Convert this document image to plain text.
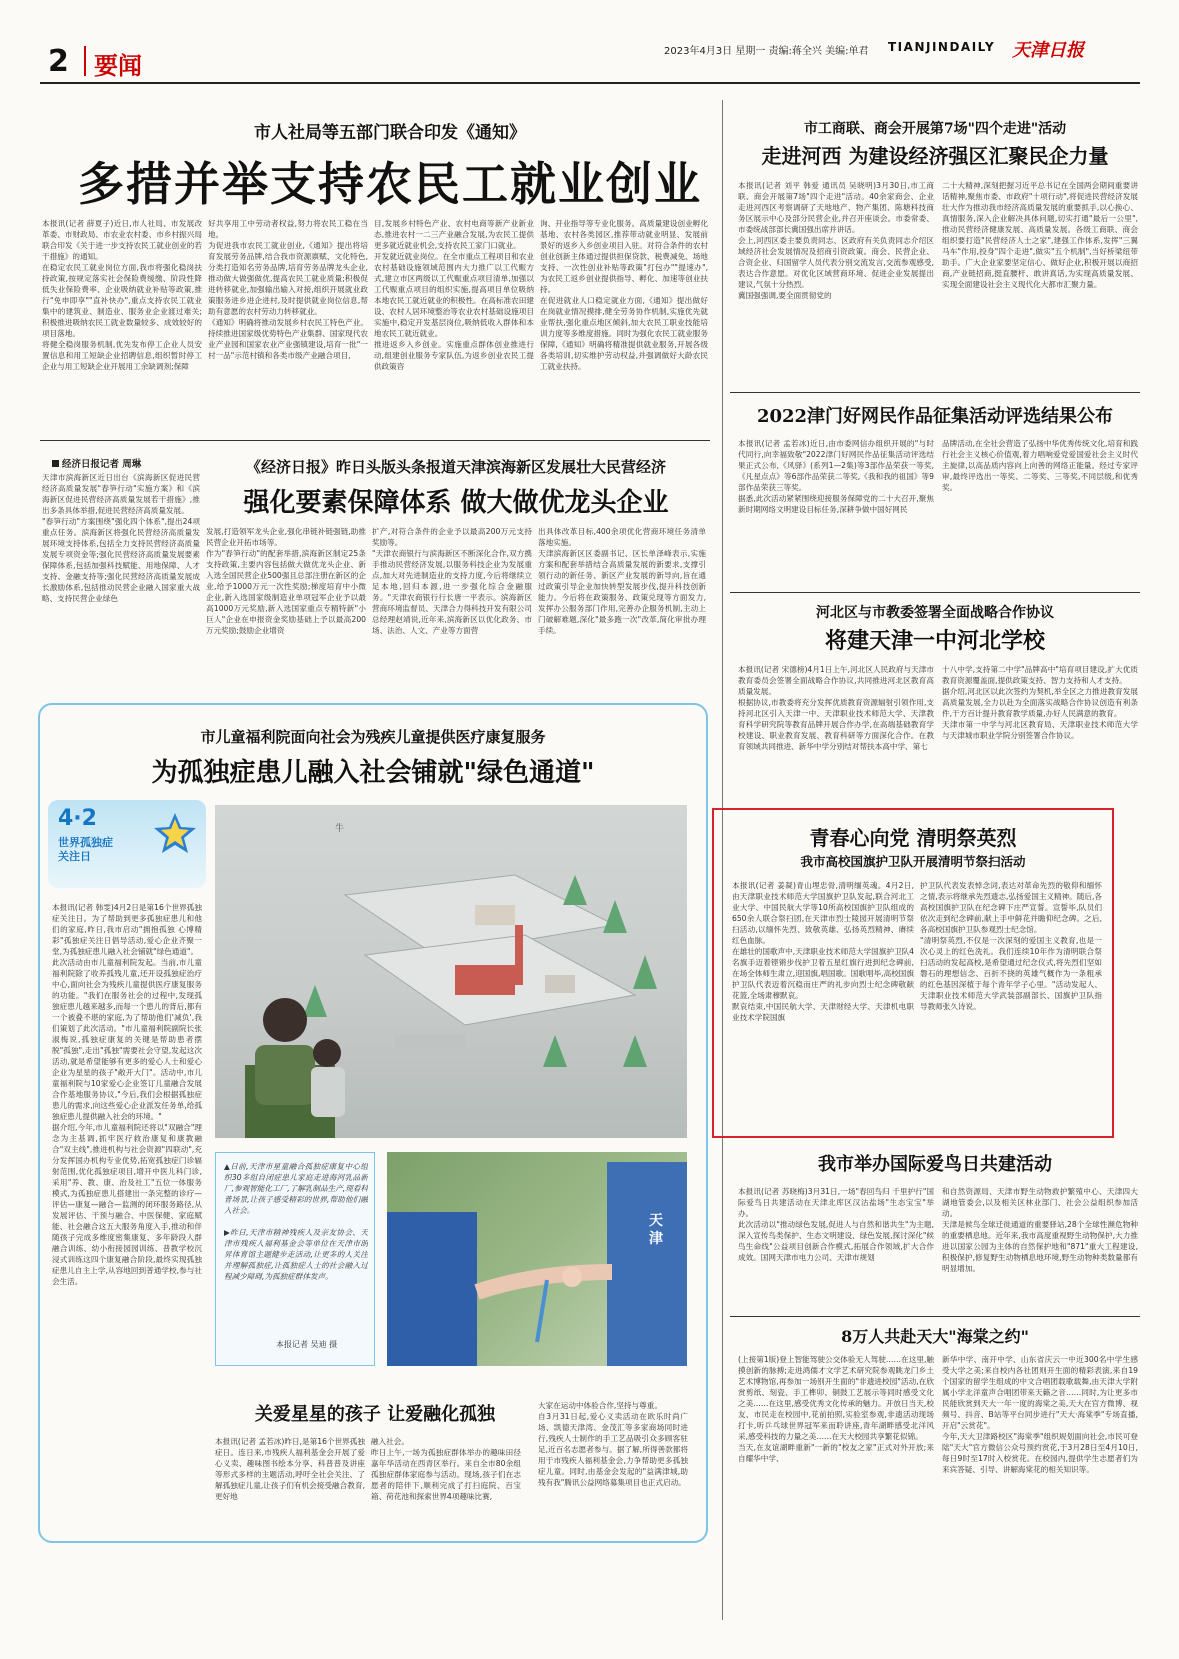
2 要闻
2023年4月3日 星期一 责编:蒋全兴 美编:单君 TIANJINDAILY 天津日报
市人社局等五部门联合印发《通知》
多措并举支持农民工就业创业
本报讯(记者 薛夏子)近日,市人社局、市发展改革委、市财政局、市农业农村委、市乡村振兴局联合印发《关于进一步支持农民工就业创业的若干措施》的通知。
在稳定农民工就业岗位方面,我市将强化稳岗扶持政策,按规定落实社会保险费缓缴、阶段性降低失业保险费率、企业吸纳就业补贴等政策,推行"免申即享""直补快办",重点支持农民工就业集中的建筑业、制造业、服务业企业渡过难关;积极推进吸纳农民工就业数量较多、成效较好的项目落地。
将健全稳岗服务机制,优先发布停工企业人员安置信息和用工短缺企业招聘信息,组织暂时停工企业与用工短缺企业开展用工余缺调剂;保障
好共享用工中劳动者权益,努力将农民工稳在当地。
为促进我市农民工就业创业,《通知》提出将培育发展劳务品牌,结合我市资源禀赋、文化特色,分类打造知名劳务品牌,培育劳务品牌龙头企业,推动做大做强做优,提高农民工就业质量;积极促进转移就业,加强输出输入对接,组织开展就业政策服务进乡进企进村,及时提供就业岗位信息,帮助有意愿的农村劳动力转移就业。
《通知》明确将推动发展乡村农民工特色产业。持续推进国家级优势特色产业集群、国家现代农业产业园和国家农业产业强镇建设,培育一批"一村一品"示范村镇和各类市级产业融合项目,
目,发展乡村特色产业、农村电商等新产业新业态,推进农村一二三产业融合发展,为农民工提供更多就近就业机会,支持农民工家门口就业。
开发就近就业岗位。在全市重点工程项目和农业农村基础设施领域范围内大力推广以工代赈方式,建立市区两级以工代赈重点项目清单,加强以工代赈重点项目的组织实施,提高项目单位吸纳本地农民工就近就业的积极性。在高标准农田建设、农村人居环境整治等农业农村基础设施项目实施中,稳定开发基层岗位,吸纳低收入群体和本地农民工就近就业。
推进返乡入乡创业。实施重点群体创业推进行动,组建创业服务专家队伍,为返乡创业农民工提供政策咨
询、开业指导等专业化服务。高质量建设创业孵化基地、农村各类园区,推荐带动就业明显、发展前景好的返乡入乡创业项目入驻。对符合条件的农村创业创新主体通过提供担保贷款、税费减免、场地支持、一次性创业补贴等政策"打包办""提速办",为农民工返乡创业提供指导、孵化、加速等创业扶持。
在促进就业人口稳定就业方面,《通知》提出做好在岗就业情况摸排,健全劳务协作机制,实施优先就业帮扶,强化重点地区倾斜,加大农民工职业技能培训力度等多维度措施。同时为强化农民工就业服务保障,《通知》明确将精准提供就业服务,开展各级各类培训,切实维护劳动权益,并强调做好大龄农民工就业扶持。
经济日报记者 周琳
天津市滨海新区近日出台《滨海新区促进民营经济高质量发展"春笋行动"实施方案》和《滨海新区促进民营经济高质量发展若干措施》,推出多条具体举措,促进民营经济高质量发展。
"春笋行动"方案围绕"强化四个体系",提出24项重点任务。滨海新区将强化民营经济高质量发展环境支持体系,包括全力支持民营经济高质量发展专项资金等;强化民营经济高质量发展要素保障体系,包括加强科技赋能、用地保障、人才支持、金融支持等;强化民营经济高质量发展成长激励体系,包括推动民营企业融入国家重大战略、支持民营企业绿色
《经济日报》昨日头版头条报道天津滨海新区发展壮大民营经济
强化要素保障体系 做大做优龙头企业
发展,打造领军龙头企业,强化串链补链强链,助推民营企业开拓市场等。
作为"春笋行动"的配套举措,滨海新区制定25条支持政策,主要内容包括做大做优龙头企业、新入选全国民营企业500强且总部注册在新区的企业,给予1000万元一次性奖励;梯度培育中小微企业,新入选国家级制造业单项冠军企业予以最高1000万元奖励,新入选国家重点专精特新"小巨人"企业在申报资金奖励基础上予以最高200万元奖励;鼓励企业增资
扩产,对符合条件的企业予以最高200万元支持奖励等。
"天津农商银行与滨海新区不断深化合作,双方携手推动民营经济发展,以服务科技企业为发展重点,加大对先进制造业的支持力度,今后将继续立足本地,回归本源,进一步强化综合金融服务。"天津农商银行行长唐一平表示。滨海新区营商环境监督员、天津合力得科技开发有限公司总经理赵靖说,近年来,滨海新区以优化政务、市场、法治、人文、产业等方面营
出具体改革目标,400余项优化营商环境任务清单落地实施。
天津滨海新区区委副书记、区长单泽峰表示,实施方案和配套举措结合高质量发展的新要求,支撑引领行动的新任务、新区产业发展的新导向,旨在通过政策引导企业加快转型发展步伐,提升科技创新能力。今后将在政策服务、政策兑现等方面发力,发挥办公服务部门作用,完善办企服务机制,主动上门破解难题,深化"最多跑一次"改革,简化审批办理手续。
市儿童福利院面向社会为残疾儿童提供医疗康复服务
为孤独症患儿融入社会铺就"绿色通道"
4·2
世界孤独症
关注日
本报讯(记者 韩雯)4月2日是第16个世界孤独症关注日。为了帮助到更多孤独症患儿和他们的家庭,昨日,我市启动"拥抱孤独 心博精彩"孤独症关注日倡导活动,爱心企业齐聚一堂,为孤独症患儿融入社会铺就"绿色通道"。
此次活动由市儿童福利院发起。当前,市儿童福利院除了收养孤残儿童,还开设孤独症治疗中心,面向社会为残疾儿童提供医疗康复服务的功能。"我们在服务社会的过程中,发现孤独症患儿越来越多,而每一个患儿的背后,都有一个被叠不堪的家庭,为了帮助他们'减负',我们策划了此次活动。"市儿童福利院副院长张淑梅说,孤独症康复的关键是帮助患者摆脱"孤独",走出"孤独"需要社会守望,发起这次活动,就是希望能够有更多的爱心人士和爱心企业为星星的孩子"敞开大门"。活动中,市儿童福利院与10家爱心企业签订儿童融合发展合作基地服务协议,"今后,我们会根据孤独症患儿的需求,向这些爱心企业派发任务单,给孤独症患儿提供融入社会的环境。"
据介绍,今年,市儿童福利院还将以"双融合"理念为主基调,抓牢医疗救治康复和康教融合"双主线",推进机构与社会资源"四联动",充分发挥国办机构专业优势,拓宽孤独症门诊辐射范围,优化孤独症项目,增开中医儿科门诊,采用"养、教、康、治及社工"五位一体服务模式,为孤独症患儿搭建出一条完整的诊疗—评估—康复—融合—监测的闭环服务路径,从发展评估、干预与融合、中医保健、家庭赋能、社会融合这五大服务角度入手,推动和伴随孩子完成多维度密集康复、多年龄段人群融合训练、幼小衔接园园训练、普教学校沉浸式训练这四个康复融合阶段,最终实现孤独症患儿自主上学,从容地回到普通学校,参与社会生活。
牛
▲日前,天津市星童融合孤独症康复中心组织30多组自闭症患儿家庭走进海河乳品新厂,参观智能化工厂,了解乳制品生产,现看科普场景,让孩子感受精彩的世界,帮助他们融入社会。

▶昨日,天津市精神残疾人及亲友协会、天津市残疾人福利基金会等单位在天津市朗昇体育馆主题健步走活动,让更多的人关注并理解孤独症,让孤独症人士的社会融入过程减少障碍,为孤独症群体发声。
本报记者 吴迪 摄
天津
关爱星星的孩子 让爱融化孤独
本报讯(记者 孟若冰)昨日,是第16个世界孤独症日。连日来,市残疾人福利基金会开展了爱心义卖、趣味图书绘本分享、科普普及讲座等形式多样的主题活动,呼吁全社会关注、了解孤独症儿童,让孩子们有机会接受融合教育,更好地
融入社会。
昨日上午,一场为孤独症群体举办的趣味田径嘉年华活动在西青区举行。来自全市80余组孤独症群体家庭参与活动。现场,孩子们在志愿者的陪伴下,顺利完成了打扫庭院、百宝箱、荷花池和探索世界4项趣味比赛,
大家在运动中体验合作,坚持与尊重。
自3月31日起,爱心义卖活动在欧乐时尚广场、凯德天津湾、金茂汇等多家商场同时进行,残疾人士制作的手工艺品吸引众多顾客驻足,近百名志愿者参与。据了解,所得善款都将用于市残疾人福利基金会,力争帮助更多孤独症儿童。同时,由基金会发起的"益满津城,助残有我"腾讯公益网络募集项目也正式启动。
市工商联、商会开展第7场"四个走进"活动
走进河西 为建设经济强区汇聚民企力量
本报讯(记者 刘平 韩爱 通讯员 吴晓明)3月30日,市工商联、商会开展第7场"四个走进"活动。40余家商会、企业走进河西区考察调研了天地地产、物产集团、陈塘科技商务区展示中心及部分民营企业,并召开座谈会。市委常委、市委统战部部长冀国强出席并讲话。
会上,河西区委主要负责同志、区政府有关负责同志介绍区域经济社会发展情况及招商引资政策。商会、民营企业、合资企业、归国留学人员代表分别交流发言,交流参观感受,表达合作意愿。对优化区域营商环境、促进企业发展提出建议,气氛十分热烈。
冀国强强调,要全面贯彻党的
二十大精神,深刻把握习近平总书记在全国两会期间重要讲话精神,聚焦市委、市政府"十项行动",将促进民营经济发展壮大作为推动我市经济高质量发展的重要抓手,以心换心、真情服务,深入企业解决具体问题,切实打通"最后一公里",推动民营经济健康发展、高质量发展。各级工商联、商会组织要打造"民营经济人士之家",建强工作体系,发挥"三翼马车"作用,投身"四个走进",做实"五个机制",当好桥梁纽带助手。广大企业家要坚定信心、做好企业,积极开展以商招商,产业链招商,挺直腰杆、敢讲真话,为实现高质量发展、实现全面建设社会主义现代化大都市汇聚力量。
2022津门好网民作品征集活动评选结果公布
本报讯(记者 孟若冰)近日,由市委网信办组织开展的"与时代同行,向幸福致敬"2022津门好网民作品征集活动评选结果正式公布,《风驿》(系列1—2集)等3部作品荣获一等奖,《凡星点点》等6部作品荣获二等奖,《我和我的祖国》等9部作品荣获三等奖。
据悉,此次活动紧紧围绕迎接服务保障党的二十大召开,聚焦新时期网络文明建设目标任务,深耕争做中国好网民
品牌活动,在全社会营造了弘扬中华优秀传统文化,培育和践行社会主义核心价值观,着力唱响爱党爱国爱社会主义时代主旋律,以高品质内容向上向善的网络正能量。经过专家评审,最终评选出一等奖、二等奖、三等奖,不同层级,和优秀奖。
河北区与市教委签署全面战略合作协议
将建天津一中河北学校
本报讯(记者 宋德榜)4月1日上午,河北区人民政府与天津市教育委员会签署全面战略合作协议,共同推进河北区教育高质量发展。
根据协议,市教委将充分发挥优质教育资源辐射引领作用,支持河北区引入天津一中、天津职业技术师范大学、天津教育科学研究院等教育品牌开展合作办学,在高端基础教育学校建设、职业教育发展、教育科研等方面深化合作。在教育领域共同推进、新华中学分别结对帮扶本高中学、第七
十八中学,支持第二中学"品牌高中"培育项目建设,扩大优质教育资源覆盖面,提供政策支持、智力支持和人才支持。
据介绍,河北区以此次签约为契机,举全区之力推进教育发展高质量发展,全力以赴为全面落实战略合作协议创造有利条件,干方百计提升教育教学质量,办好人民满意的教育。
天津市第一中学与河北区教育局、天津职业技术师范大学与天津城市职业学院分别签署合作协议。
青春心向党 清明祭英烈
我市高校国旗护卫队开展清明节祭扫活动
本报讯(记者 姜凝)青山埋忠骨,清明缅英魂。4月2日,由天津职业技术师范大学国旗护卫队发起,联合河北工业大学、中国民航大学等10所高校国旗护卫队组成的650余人联合祭扫团,在天津市烈士陵园开展清明节祭扫活动,以缅怀先烈、致敬英雄、弘扬英烈精神、赓续红色血脉。
在雄壮的国歌声中,天津职业技术师范大学国旗护卫队4名旗手迈着铿锵步伐护卫着五星红旗行进到纪念碑前,在场全体师生肃立,迎国旗,唱国歌。国歌唱毕,高校国旗护卫队代表迈着沉稳而庄严的礼步向烈士纪念碑敬献花篮,全场肃穆默哀。
默哀结束,中国民航大学、天津财经大学、天津机电职业技术学院国旗
护卫队代表发表悼念词,表达对革命先烈的敬仰和缅怀之情,表示将继承先烈遗志,弘扬爱国主义精神。随后,各高校国旗护卫队在纪念碑下庄严宣誓。宣誓毕,队员们依次走到纪念碑前,献上手中鲜花并瞻仰纪念碑。之后,各高校国旗护卫队参观烈士纪念馆。
"清明祭英烈,不仅是一次深刻的爱国主义教育,也是一次心灵上的红色洗礼。我们连续10年作为清明联合祭扫活动的发起高校,是希望通过纪念仪式,将先烈们坚如磐石的理想信念、百折不挠的英雄气概作为一条粗承的红色基因深植于每个青年学子心里。"活动发起人、天津职业技术师范大学武装部副部长、国旗护卫队指导教师张久诗说。
我市举办国际爱鸟日共建活动
本报讯(记者 苏晓梅)3月31日,一场"春回鸟归 千里护行"国际爱鸟日共建活动在天津北库区汉沽盐场"生态宝宝"举办。
此次活动以"推动绿色发展,促进人与自然和谐共生"为主题,深入宣传鸟类保护、生态文明建设、绿色发展,探讨深化"候鸟生命线"公益项目创新合作模式,拓展合作领域,扩大合作成效。国网天津市电力公司、天津市规划
和自然资源局、天津市野生动物救护繁殖中心、天津四大湖地管委会,以及相关区林业部门、社会公益组织参加活动。
天津是候鸟全球迁徙通道的重要驿站,28个全球性濒危物种的重要栖息地。近年来,我市高度重视野生动物保护,大力推进以国家公园为主体的自然保护地和"871"重大工程建设,积极保护,修复野生动物栖息地环境,野生动物种类数量都有明显增加。
8万人共赴天大"海棠之约"
(上接第1版)登上智能驾驶公交体验无人驾驶……在这里,触摸创新的脉搏;走进鸿儒才文学艺术研究院参观眺龙门乡土艺术博物馆,再参加一场别开生面的"非遗进校园"活动,在欣赏剪纸、刻瓷、手工榫卯、铜鼓工艺展示等同时感受文化之美……在这里,感受优秀文化传承的魅力。开放日当天,校友、市民走在校园中,花前拍照,实验室参观,非遗活动现场打卡,听乒乓球世界冠军来而聆讲座,青年湖畔感受北洋风采,感受科技的力量之美……在天大校园共享繁花似锦。
当天,在友谊湖畔重新"一新的"校友之家"正式对外开放;来自耀华中学、
新华中学、南开中学、山东省庆云一中近300名中学生感受大学之美;来自校内各社团则开生面的精彩表演,来自19个国家的留学生组成的中文合唱团载歌载舞,由天津大学附属小学北洋童声合唱团带来天籁之音……同时,为让更多市民能欣赏到天大一年一度的海棠之美,天大在官方微博、视频号、抖音、B站等平台同步进行"天大·海棠季"专场直播,开启"云赏花"。
今年,天大卫津路校区"海棠季"组织规划面向社会,市民可登陆"天大"官方微信公众号预约赏花,于3月28日至4月10日,每日9时至17时入校赏花。在校园内,提供学生志愿者们为来宾答疑、引导、讲解海棠花的相关知识等。
